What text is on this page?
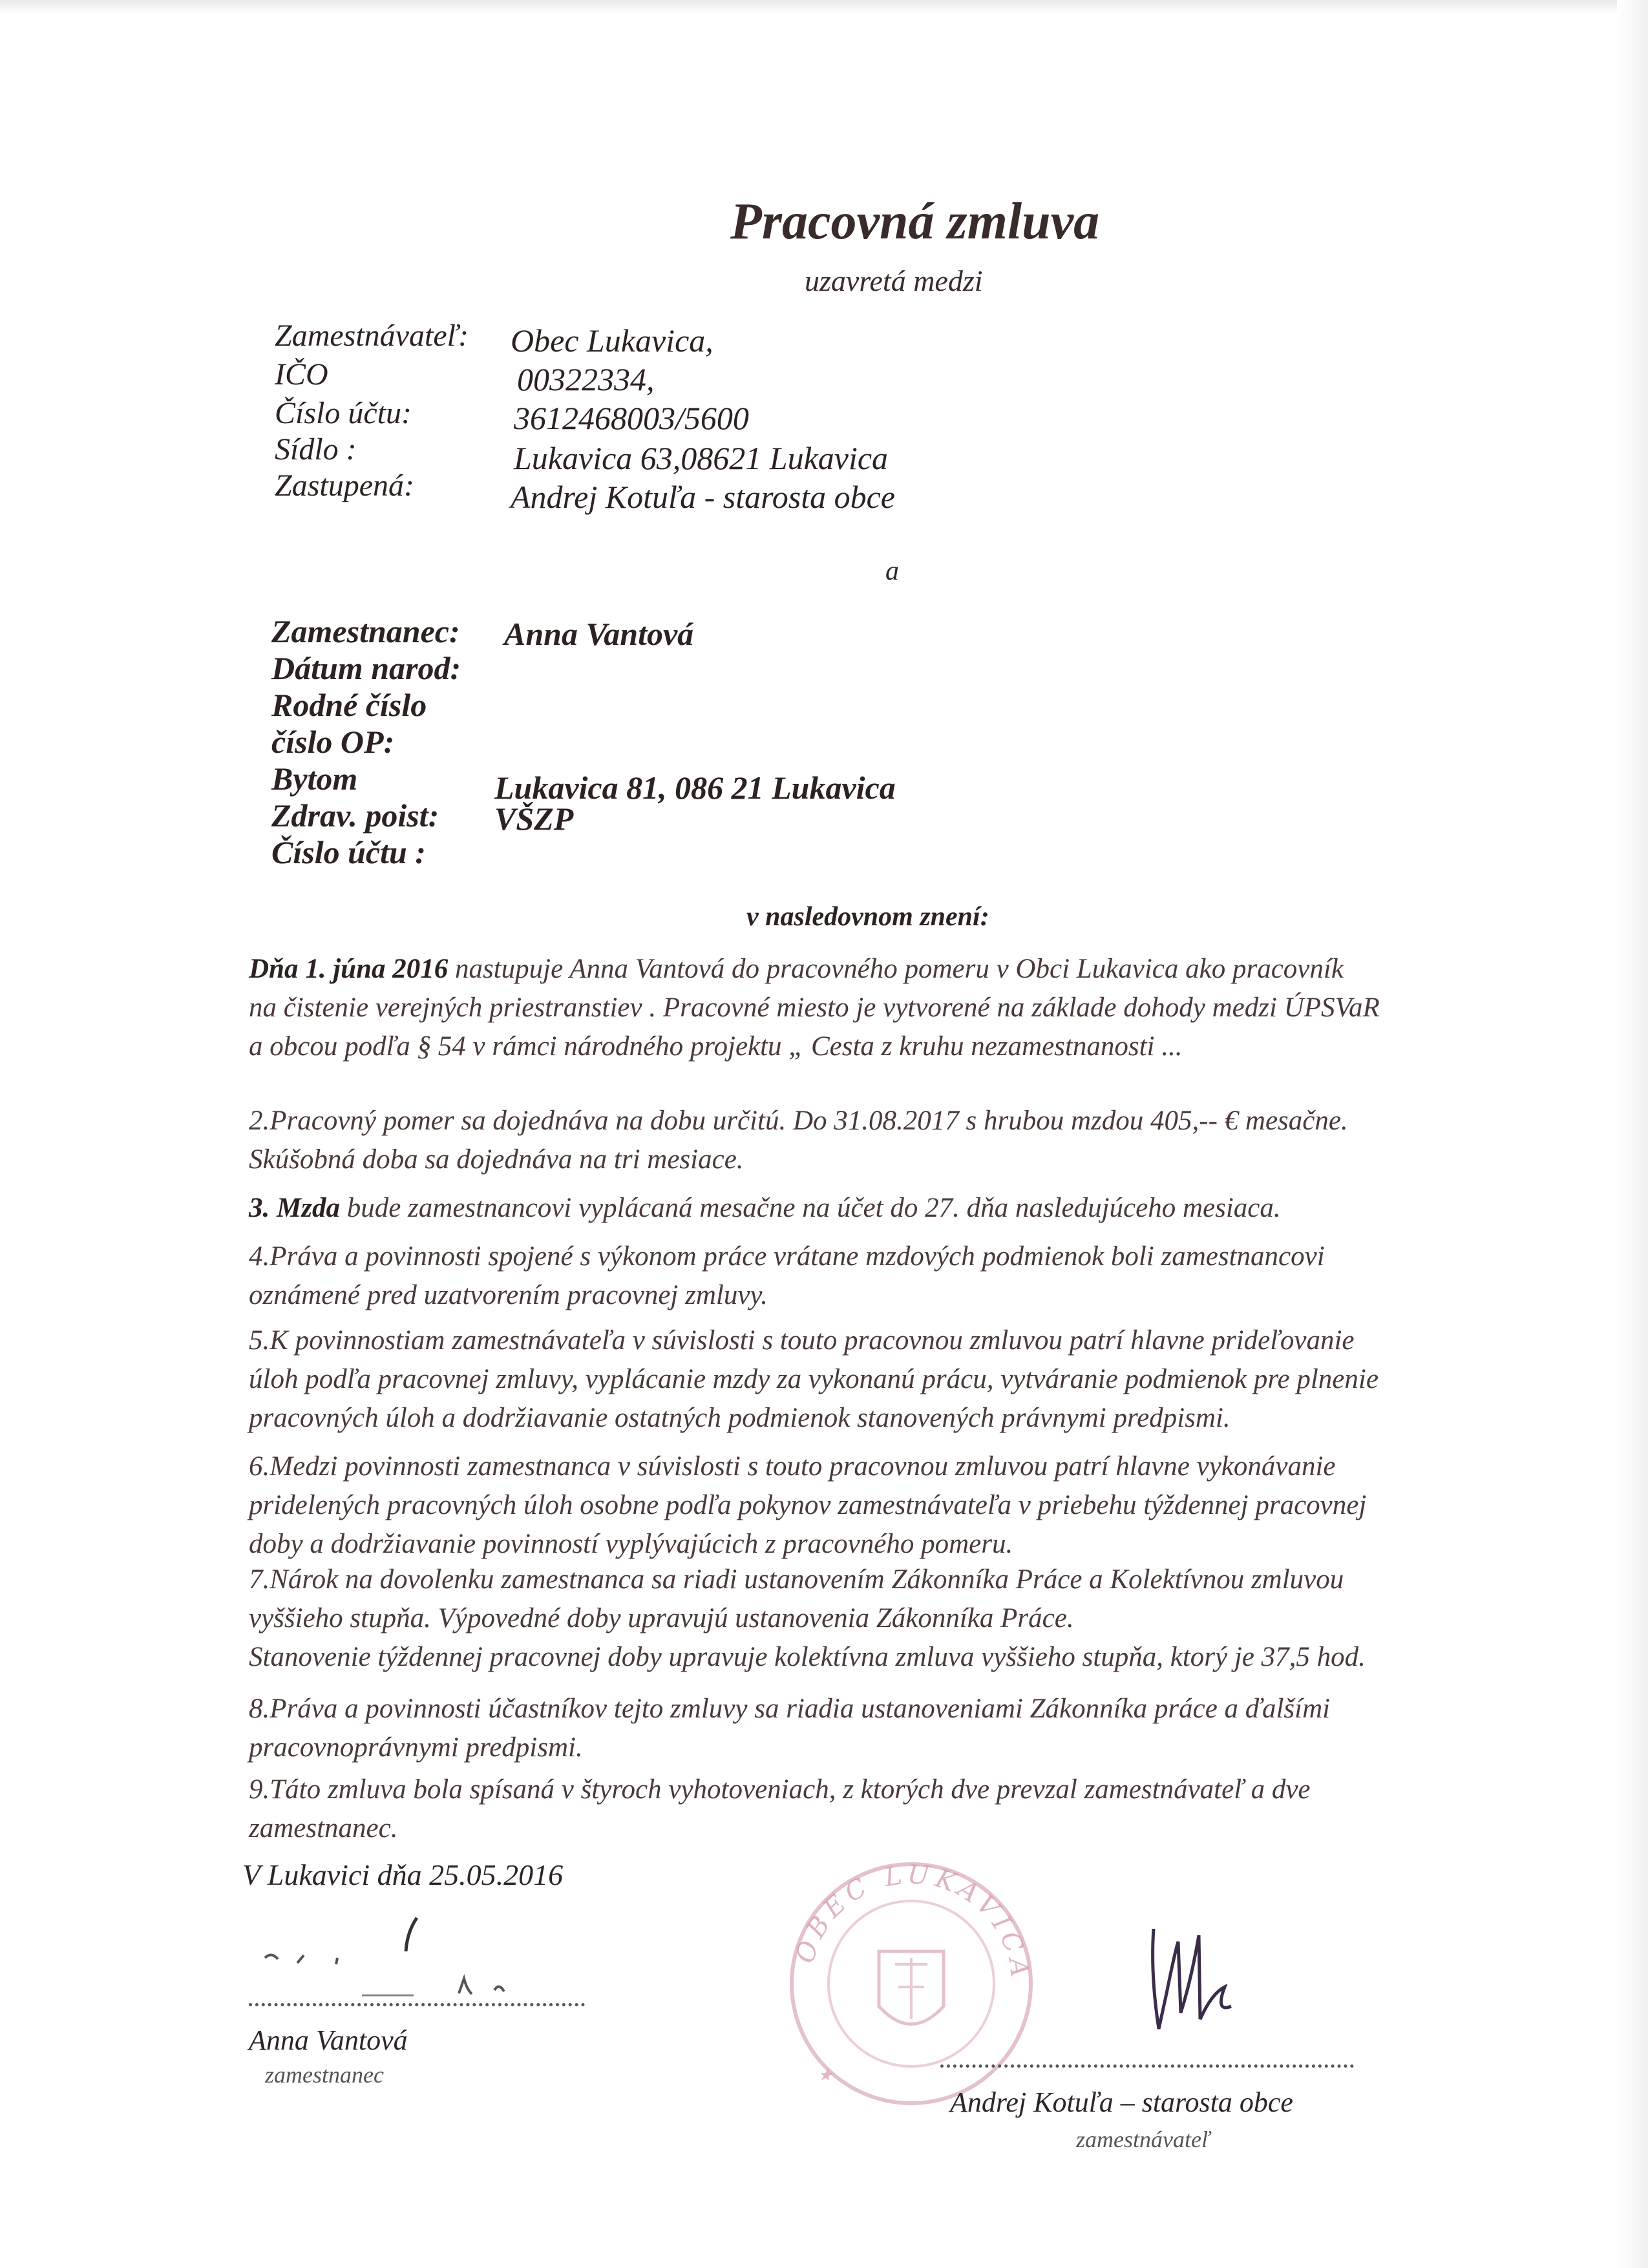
Pracovná zmluva
uzavretá medzi
Zamestnávateľ: Obec Lukavica,
IČO	00322334,
Číslo účtu:	3612468003/5600
Sídlo :	Lukavica 63,08621 Lukavica
Zastupená:	Andrej Kotuľa - starosta obce
a
Zamestnanec: Anna Vantová
Dátum narod:
Rodné číslo
číslo OP:
Bytom	Lukavica 81, 086 21 Lukavica
Zdrav. poist: VŠZP
Číslo účtu :
v nasledovnom znení:
Dňa 1. júna 2016 nastupuje Anna Vantová do pracovného pomeru v Obci Lukavica ako pracovník
na čistenie verejných priestranstiev . Pracovné miesto je vytvorené na základe dohody medzi ÚPSVaR
a obcou podľa § 54 v rámci národného projektu „ Cesta z kruhu nezamestnanosti ...
2.Pracovný pomer sa dojednáva na dobu určitú. Do 31.08.2017 s hrubou mzdou 405,-- € mesačne.
Skúšobná doba sa dojednáva na tri mesiace.
3. Mzda bude zamestnancovi vyplácaná mesačne na účet do 27. dňa nasledujúceho mesiaca.
4.Práva a povinnosti spojené s výkonom práce vrátane mzdových podmienok boli zamestnancovi
oznámené pred uzatvorením pracovnej zmluvy.
5.K povinnostiam zamestnávateľa v súvislosti s touto pracovnou zmluvou patrí hlavne prideľovanie
úloh podľa pracovnej zmluvy, vyplácanie mzdy za vykonanú prácu, vytváranie podmienok pre plnenie
pracovných úloh a dodržiavanie ostatných podmienok stanovených právnymi predpismi.
6.Medzi povinnosti zamestnanca v súvislosti s touto pracovnou zmluvou patrí hlavne vykonávanie
pridelených pracovných úloh osobne podľa pokynov zamestnávateľa v priebehu týždennej pracovnej
doby a dodržiavanie povinností vyplývajúcich z pracovného pomeru.
7.Nárok na dovolenku zamestnanca sa riadi ustanovením Zákonníka Práce a Kolektívnou zmluvou
vyššieho stupňa. Výpovedné doby upravujú ustanovenia Zákonníka Práce.
Stanovenie týždennej pracovnej doby upravuje kolektívna zmluva vyššieho stupňa, ktorý je 37,5 hod.
8.Práva a povinnosti účastníkov tejto zmluvy sa riadia ustanoveniami Zákonníka práce a ďalšími
pracovnoprávnymi predpismi.
9.Táto zmluva bola spísaná v štyroch vyhotoveniach, z ktorých dve prevzal zamestnávateľ a dve
zamestnanec.
V Lukavici dňa 25.05.2016
OBEC LUKAVICA
★
Anna Vantová
zamestnanec
Andrej Kotuľa – starosta obce
zamestnávateľ
